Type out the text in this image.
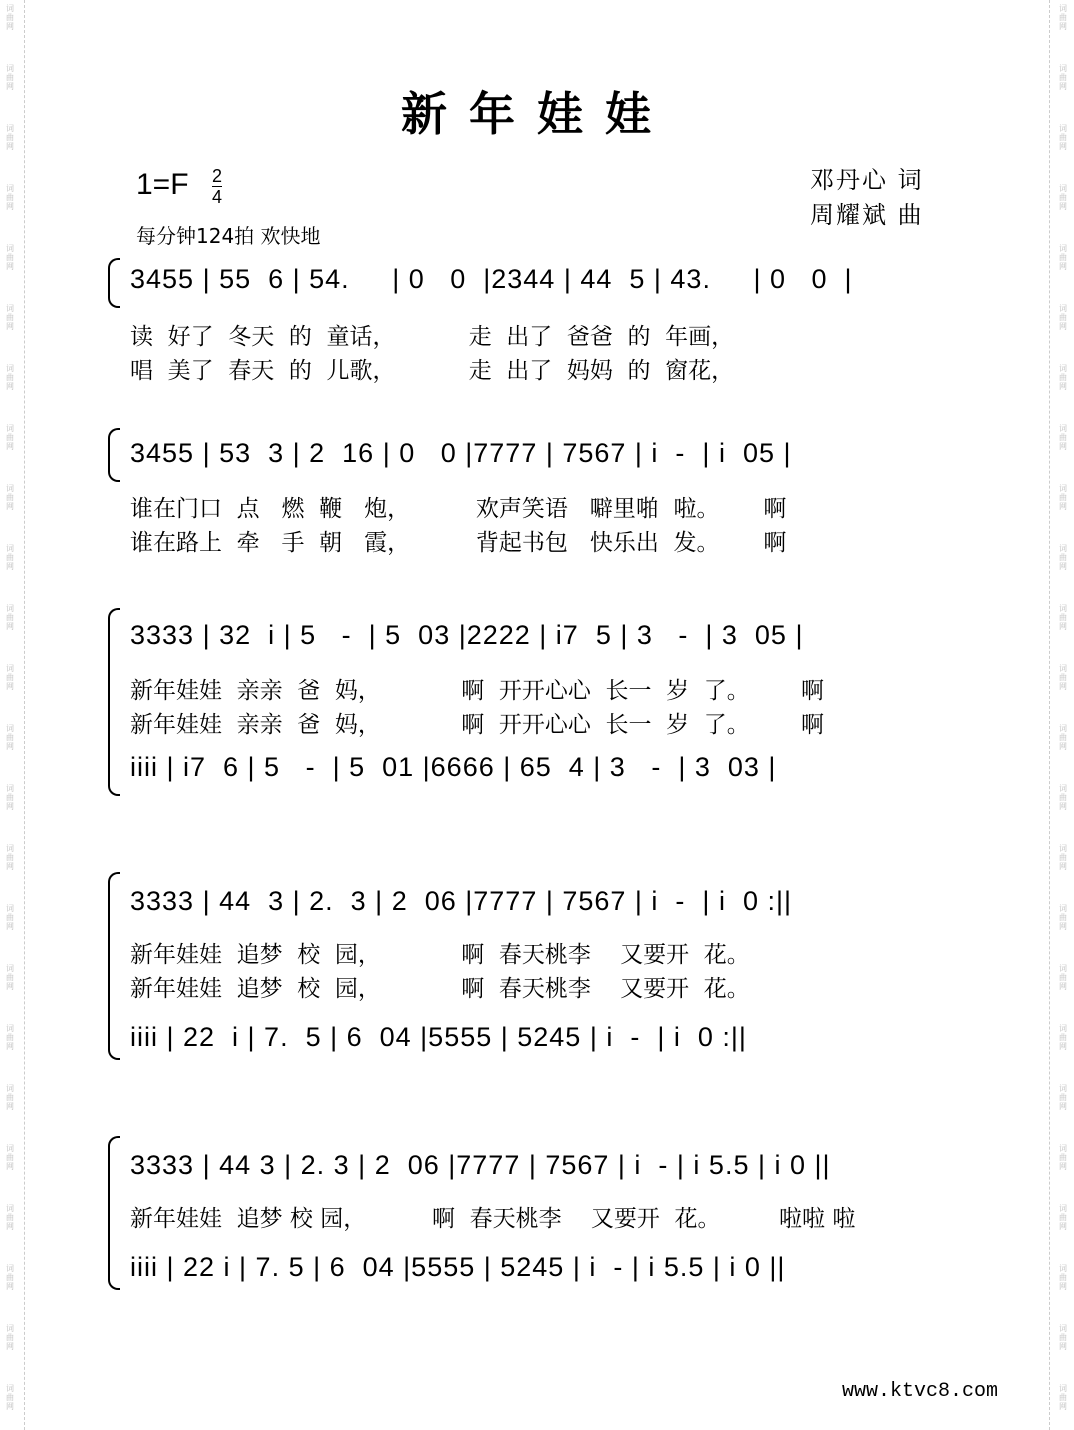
新年娃娃
1=F 2
4
每分钟124拍 欢快地
邓丹心 词
周耀斌 曲
3455 | 55  6 | 54.     | 0   0  |2344 | 44  5 | 43.     | 0   0  |
读  好了  冬天  的  童话，          走  出了  爸爸  的  年画，
唱  美了  春天  的  儿歌，          走  出了  妈妈  的  窗花，
3455 | 53  3 | 2  16 | 0   0 |7777 | 7567 | i  -  | i  05 |
谁在门口  点   燃  鞭   炮，         欢声笑语   噼里啪  啦。      啊
谁在路上  牵   手  朝   霞，         背起书包   快乐出  发。      啊
3333 | 32  i | 5   -  | 5  03 |2222 | i7  5 | 3   -  | 3  05 |
新年娃娃  亲亲  爸  妈，           啊  开开心心  长一  岁  了。       啊
新年娃娃  亲亲  爸  妈，           啊  开开心心  长一  岁  了。       啊
iiii | i7  6 | 5   -  | 5  01 |6666 | 65  4 | 3   -  | 3  03 |
3333 | 44  3 | 2.  3 | 2  06 |7777 | 7567 | i  -  | i  0 :||
新年娃娃  追梦  校  园，           啊  春天桃李    又要开  花。
新年娃娃  追梦  校  园，           啊  春天桃李    又要开  花。
iiii | 22  i | 7.  5 | 6  04 |5555 | 5245 | i  -  | i  0 :||
3333 | 44 3 | 2. 3 | 2  06 |7777 | 7567 | i  - | i 5.5 | i 0 ||
新年娃娃  追梦 校 园，         啊  春天桃李    又要开  花。        啦啦 啦
iiii | 22 i | 7. 5 | 6  04 |5555 | 5245 | i  - | i 5.5 | i 0 ||
www.ktvc8.com
词
曲
网
词
曲
网
词
曲
网
词
曲
网
词
曲
网
词
曲
网
词
曲
网
词
曲
网
词
曲
网
词
曲
网
词
曲
网
词
曲
网
词
曲
网
词
曲
网
词
曲
网
词
曲
网
词
曲
网
词
曲
网
词
曲
网
词
曲
网
词
曲
网
词
曲
网
词
曲
网
词
曲
网
词
曲
网
词
曲
网
词
曲
网
词
曲
网
词
曲
网
词
曲
网
词
曲
网
词
曲
网
词
曲
网
词
曲
网
词
曲
网
词
曲
网
词
曲
网
词
曲
网
词
曲
网
词
曲
网
词
曲
网
词
曲
网
词
曲
网
词
曲
网
词
曲
网
词
曲
网
词
曲
网
词
曲
网
